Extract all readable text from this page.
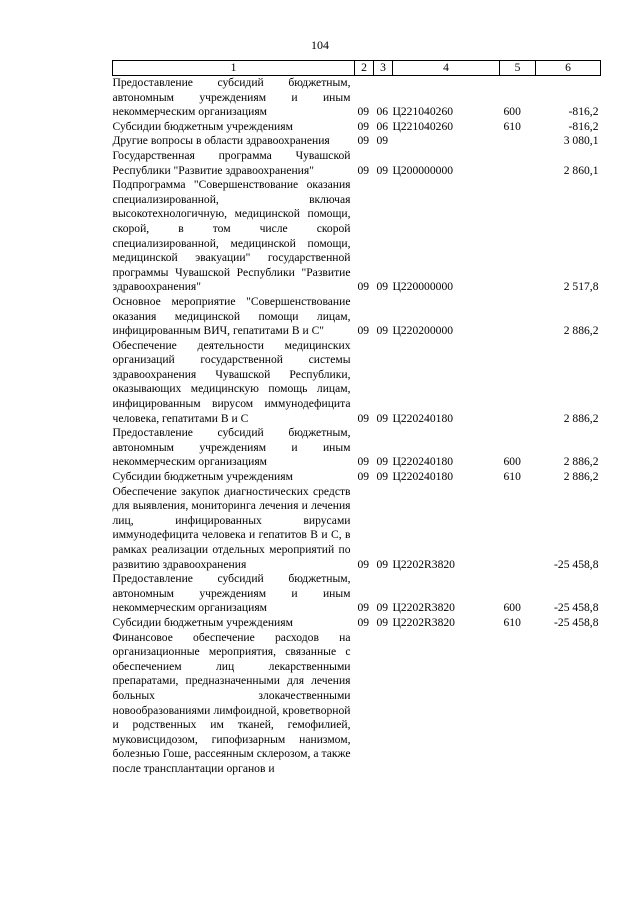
104
1	2	3	4	5	6
Предоставление субсидий бюджетным, автономным учреждениям и иным некоммерческим организациям	09	06	Ц221040260	600	-816,2
Субсидии бюджетным учреждениям	09	06	Ц221040260	610	-816,2
Другие вопросы в области здравоохранения	09	09			3 080,1
Государственная программа Чувашской Республики "Развитие здравоохранения"	09	09	Ц200000000		2 860,1
Подпрограмма "Совершенствование оказания специализированной, включая высокотехнологичную, медицинской помощи, скорой, в том числе скорой специализированной, медицинской помощи, медицинской эвакуации" государственной программы Чувашской Республики "Развитие здравоохранения"	09	09	Ц220000000		2 517,8
Основное мероприятие "Совершенствование оказания медицинской помощи лицам, инфицированным ВИЧ, гепатитами В и С"	09	09	Ц220200000		2 886,2
Обеспечение деятельности медицинских организаций государственной системы здравоохранения Чувашской Республики, оказывающих медицинскую помощь лицам, инфицированным вирусом иммунодефицита человека, гепатитами В и С	09	09	Ц220240180		2 886,2
Предоставление субсидий бюджетным, автономным учреждениям и иным некоммерческим организациям	09	09	Ц220240180	600	2 886,2
Субсидии бюджетным учреждениям	09	09	Ц220240180	610	2 886,2
Обеспечение закупок диагностических средств для выявления, мониторинга лечения и лечения лиц, инфицированных вирусами иммунодефицита человека и гепатитов В и С, в рамках реализации отдельных мероприятий по развитию здравоохранения	09	09	Ц2202R3820		-25 458,8
Предоставление субсидий бюджетным, автономным учреждениям и иным некоммерческим организациям	09	09	Ц2202R3820	600	-25 458,8
Субсидии бюджетным учреждениям	09	09	Ц2202R3820	610	-25 458,8
Финансовое обеспечение расходов на организационные мероприятия, связанные с обеспечением лиц лекарственными препаратами, предназначенными для лечения больных злокачественными новообразованиями лимфоидной, кроветворной и родственных им тканей, гемофилией, муковисцидозом, гипофизарным нанизмом, болезнью Гоше, рассеянным склерозом, а также после трансплантации органов и					
